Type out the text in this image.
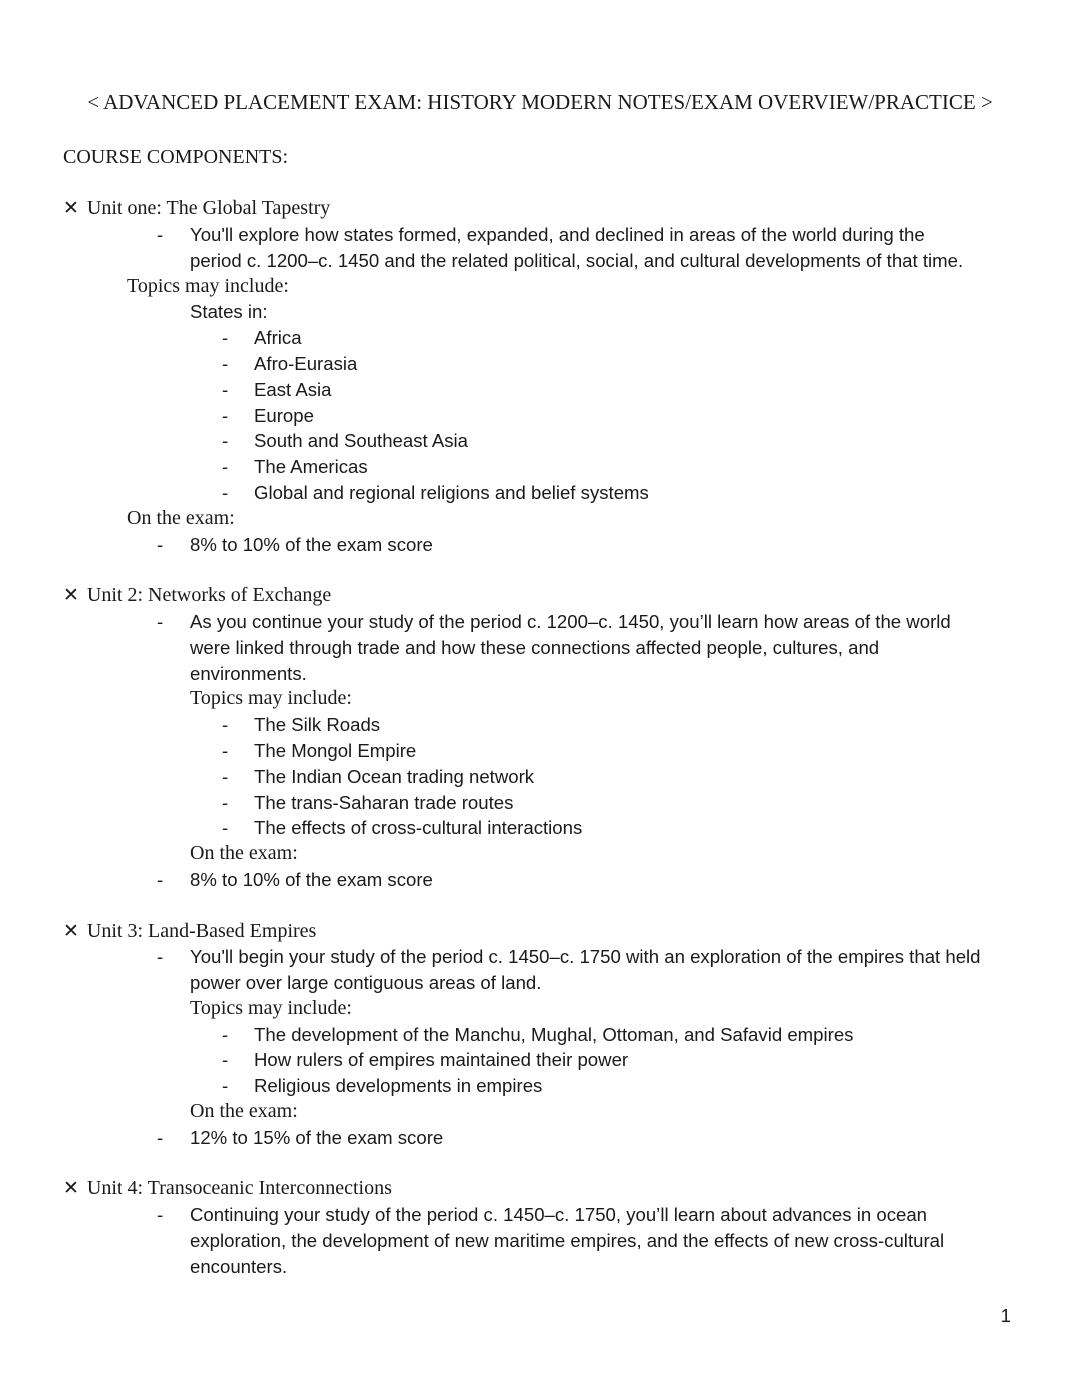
< ADVANCED PLACEMENT EXAM: HISTORY MODERN NOTES/EXAM OVERVIEW/PRACTICE >
COURSE COMPONENTS:
✕ Unit one: The Global Tapestry
-	You'll explore how states formed, expanded, and declined in areas of the world during the
period c. 1200–c. 1450 and the related political, social, and cultural developments of that time.
Topics may include:
States in:
-	Africa
-	Afro-Eurasia
-	East Asia
-	Europe
-	South and Southeast Asia
-	The Americas
-	Global and regional religions and belief systems
On the exam:
-	8% to 10% of the exam score
✕ Unit 2: Networks of Exchange
-	As you continue your study of the period c. 1200–c. 1450, you’ll learn how areas of the world
were linked through trade and how these connections affected people, cultures, and
environments.
Topics may include:
-	The Silk Roads
-	The Mongol Empire
-	The Indian Ocean trading network
-	The trans-Saharan trade routes
-	The effects of cross-cultural interactions
On the exam:
-	8% to 10% of the exam score
✕ Unit 3: Land-Based Empires
-	You'll begin your study of the period c. 1450–c. 1750 with an exploration of the empires that held
power over large contiguous areas of land.
Topics may include:
-	The development of the Manchu, Mughal, Ottoman, and Safavid empires
-	How rulers of empires maintained their power
-	Religious developments in empires
On the exam:
-	12% to 15% of the exam score
✕ Unit 4: Transoceanic Interconnections
-	Continuing your study of the period c. 1450–c. 1750, you’ll learn about advances in ocean
exploration, the development of new maritime empires, and the effects of new cross-cultural
encounters.
1
